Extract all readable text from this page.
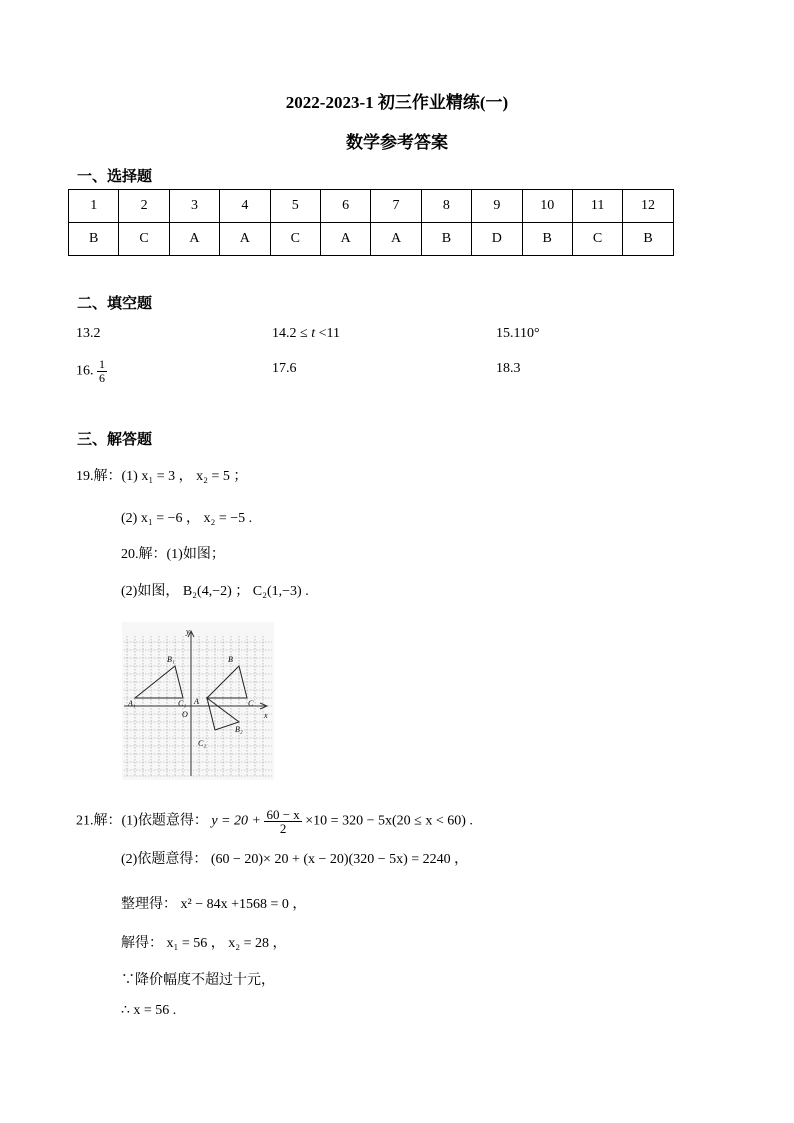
2022-2023-1 初三作业精练(一)
数学参考答案
一、选择题
1	2	3	4	5	6	7	8	9	10	11	12
B	C	A	A	C	A	A	B	D	B	C	B
二、填空题
13.2	14.2 ≤ t <11	15.110°
16. $\frac{1}{6}$	17.6	18.3
三、解答题
19.解：(1) x₁ = 3 ， x₂ = 5 ；
(2) x₁ = −6 ， x₂ = −5 .
20.解：(1)如图；
(2)如图， B₂(4,−2) ； C₂(1,−3) .
y
x
O
A
A₁
B₁
C₁
B
C
B₂
C₂
21.解：(1)依题意得： $y = 20 + \frac{60 - x}{2} \times 10 = 320 - 5x(20 \le x < 60)$ .
(2)依题意得： (60 − 20)× 20 + (x − 20)(320 − 5x) = 2240 ，
整理得： x² − 84x +1568 = 0 ，
解得： x₁ = 56 ， x₂ = 28 ，
∵降价幅度不超过十元，
∴ x = 56 .
